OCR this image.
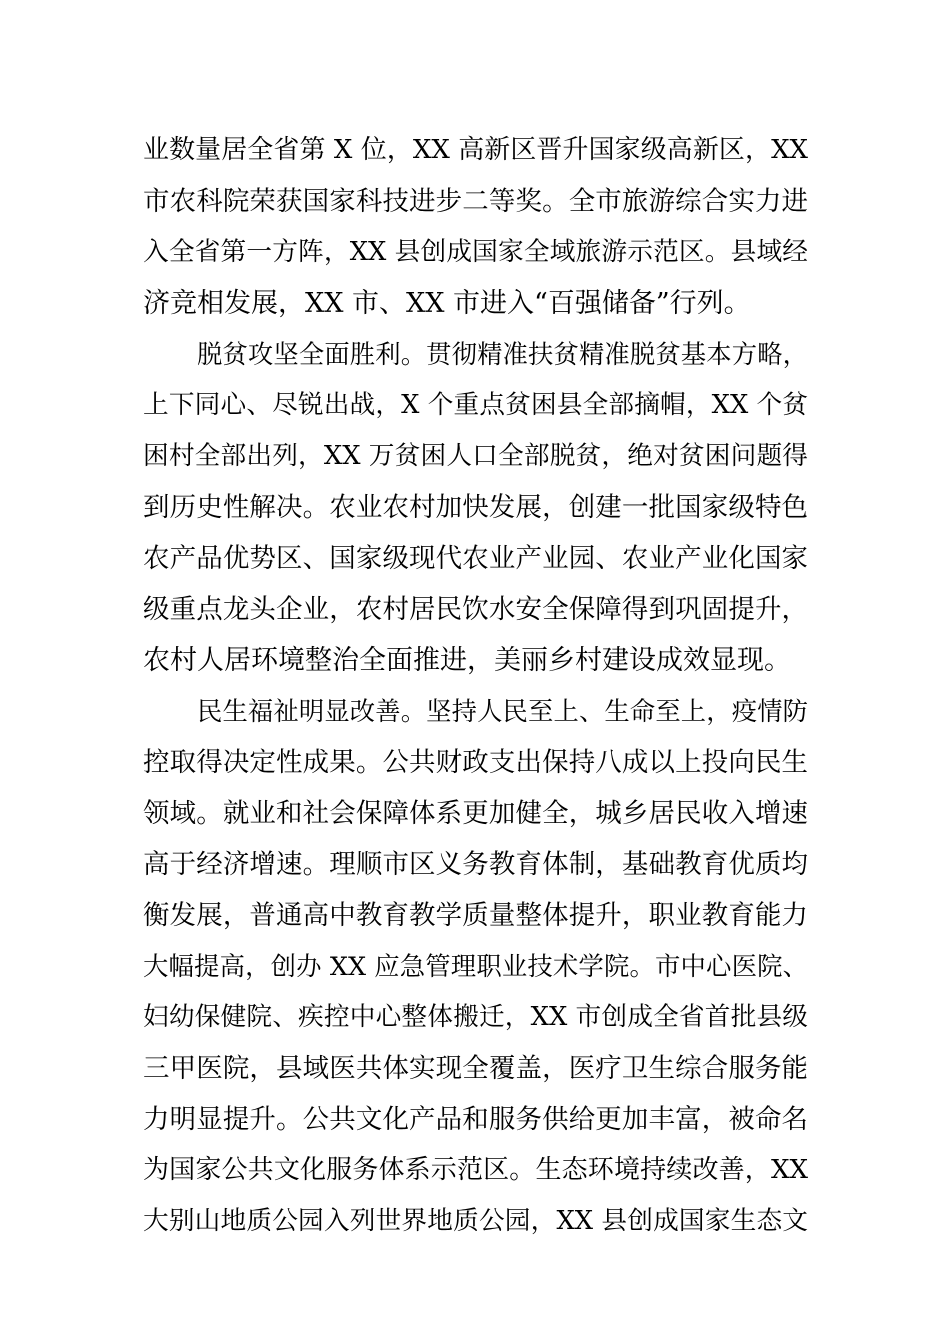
业数量居全省第 X 位，XX 高新区晋升国家级高新区，XX
市农科院荣获国家科技进步二等奖。全市旅游综合实力进
入全省第一方阵，XX 县创成国家全域旅游示范区。县域经
济竞相发展，XX 市、XX 市进入“百强储备”行列。
脱贫攻坚全面胜利。贯彻精准扶贫精准脱贫基本方略，
上下同心、尽锐出战，X 个重点贫困县全部摘帽，XX 个贫
困村全部出列，XX 万贫困人口全部脱贫，绝对贫困问题得
到历史性解决。农业农村加快发展，创建一批国家级特色
农产品优势区、国家级现代农业产业园、农业产业化国家
级重点龙头企业，农村居民饮水安全保障得到巩固提升，
农村人居环境整治全面推进，美丽乡村建设成效显现。
民生福祉明显改善。坚持人民至上、生命至上，疫情防
控取得决定性成果。公共财政支出保持八成以上投向民生
领域。就业和社会保障体系更加健全，城乡居民收入增速
高于经济增速。理顺市区义务教育体制，基础教育优质均
衡发展，普通高中教育教学质量整体提升，职业教育能力
大幅提高，创办 XX 应急管理职业技术学院。市中心医院、
妇幼保健院、疾控中心整体搬迁，XX 市创成全省首批县级
三甲医院，县域医共体实现全覆盖，医疗卫生综合服务能
力明显提升。公共文化产品和服务供给更加丰富，被命名
为国家公共文化服务体系示范区。生态环境持续改善，XX
大别山地质公园入列世界地质公园，XX 县创成国家生态文
